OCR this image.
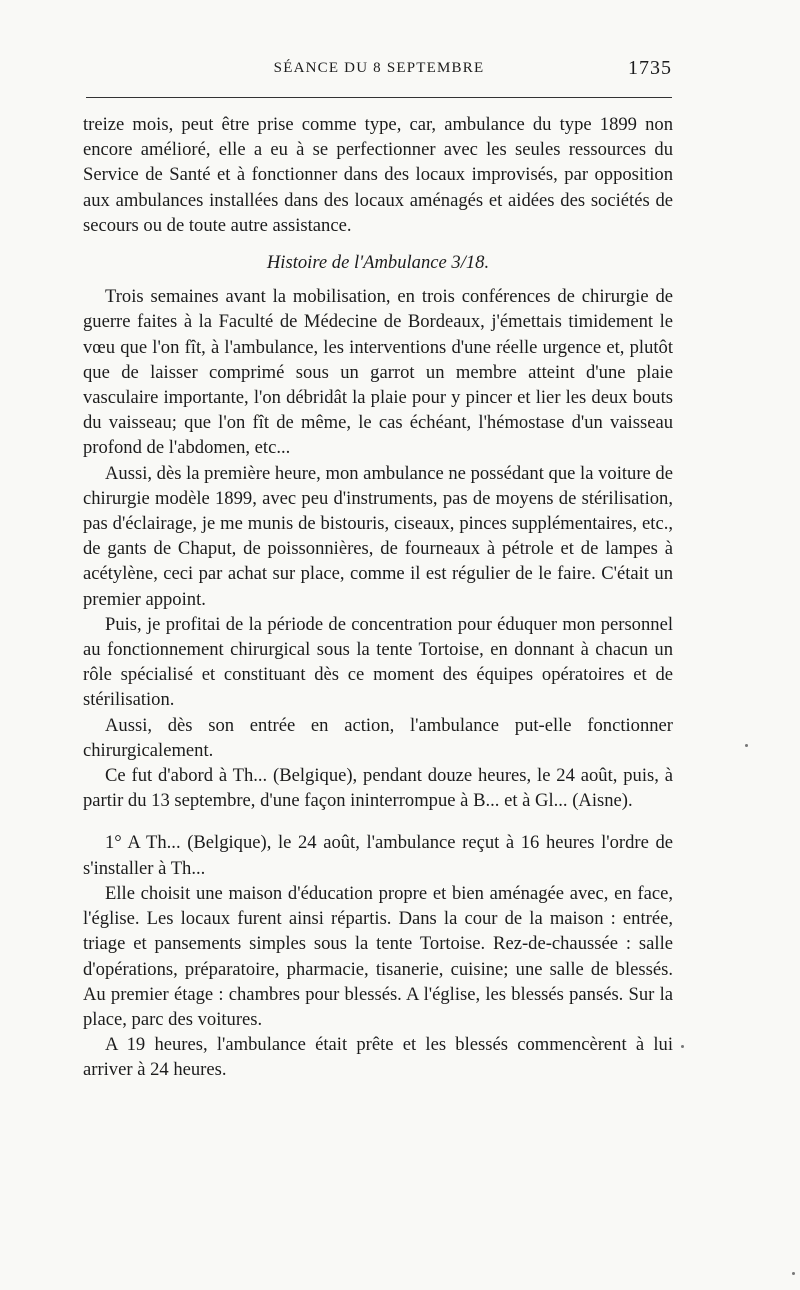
SÉANCE DU 8 SEPTEMBRE	1735

treize mois, peut être prise comme type, car, ambulance du type 1899 non encore amélioré, elle a eu à se perfectionner avec les seules ressources du Service de Santé et à fonctionner dans des locaux improvisés, par opposition aux ambulances installées dans des locaux aménagés et aidées des sociétés de secours ou de toute autre assistance.

Histoire de l'Ambulance 3/18.

Trois semaines avant la mobilisation, en trois conférences de chirurgie de guerre faites à la Faculté de Médecine de Bordeaux, j'émettais timidement le vœu que l'on fît, à l'ambulance, les interventions d'une réelle urgence et, plutôt que de laisser comprimé sous un garrot un membre atteint d'une plaie vasculaire importante, l'on débridât la plaie pour y pincer et lier les deux bouts du vaisseau; que l'on fît de même, le cas échéant, l'hémostase d'un vaisseau profond de l'abdomen, etc...

Aussi, dès la première heure, mon ambulance ne possédant que la voiture de chirurgie modèle 1899, avec peu d'instruments, pas de moyens de stérilisation, pas d'éclairage, je me munis de bistouris, ciseaux, pinces supplémentaires, etc., de gants de Chaput, de poissonnières, de fourneaux à pétrole et de lampes à acétylène, ceci par achat sur place, comme il est régulier de le faire. C'était un premier appoint.

Puis, je profitai de la période de concentration pour éduquer mon personnel au fonctionnement chirurgical sous la tente Tortoise, en donnant à chacun un rôle spécialisé et constituant dès ce moment des équipes opératoires et de stérilisation.

Aussi, dès son entrée en action, l'ambulance put-elle fonctionner chirurgicalement.

Ce fut d'abord à Th... (Belgique), pendant douze heures, le 24 août, puis, à partir du 13 septembre, d'une façon ininterrompue à B... et à Gl... (Aisne).

1° A Th... (Belgique), le 24 août, l'ambulance reçut à 16 heures l'ordre de s'installer à Th...

Elle choisit une maison d'éducation propre et bien aménagée avec, en face, l'église. Les locaux furent ainsi répartis. Dans la cour de la maison : entrée, triage et pansements simples sous la tente Tortoise. Rez-de-chaussée : salle d'opérations, préparatoire, pharmacie, tisanerie, cuisine; une salle de blessés. Au premier étage : chambres pour blessés. A l'église, les blessés pansés. Sur la place, parc des voitures.

A 19 heures, l'ambulance était prête et les blessés commencèrent à lui arriver à 24 heures.
